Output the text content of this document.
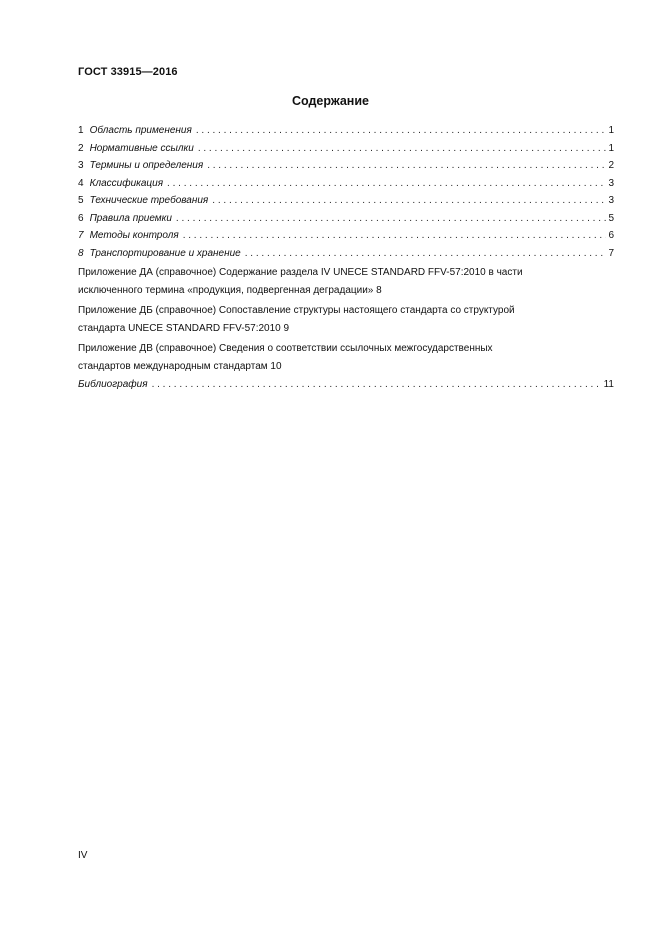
ГОСТ 33915—2016
Содержание
1 Область применения . . .	1
2 Нормативные ссылки . . .	1
3 Термины и определения . . .	2
4 Классификация . . .	3
5 Технические требования . . .	3
6 Правила приемки . . .	5
7 Методы контроля . . .	6
8 Транспортирование и хранение . . .	7
Приложение ДА (справочное) Содержание раздела IV UNECE STANDARD FFV-57:2010 в части
исключенного термина «продукция, подвергенная деградации» 8
Приложение ДБ (справочное) Сопоставление структуры настоящего стандарта со структурой
стандарта UNECE STANDARD FFV-57:2010 9
Приложение ДВ (справочное) Сведения о соответствии ссылочных межгосударственных
стандартов международным стандартам 10
Библиография . . .	11
IV
